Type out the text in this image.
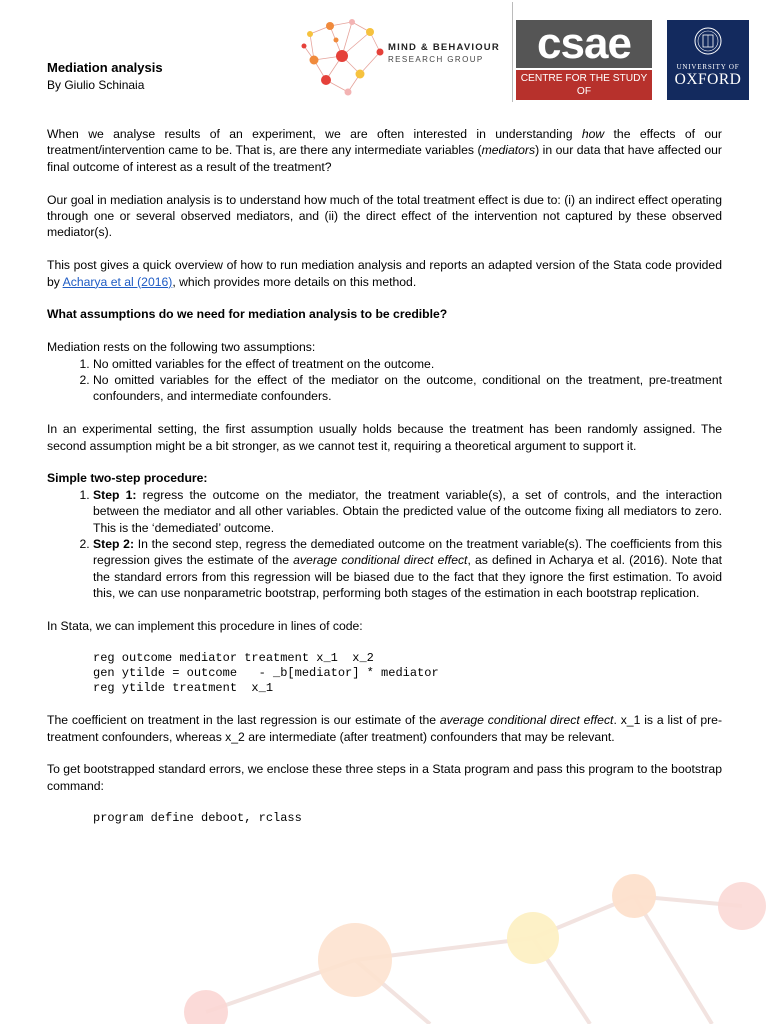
MIND & BEHAVIOUR
RESEARCH GROUP	csae
CENTRE FOR THE STUDY OF
AFRICAN ECONOMIES
UNIVERSITY OF
OXFORD
Mediation analysis
By Giulio Schinaia

When we analyse results of an experiment, we are often interested in understanding how the effects of our treatment/intervention came to be. That is, are there any intermediate variables (mediators) in our data that have affected our final outcome of interest as a result of the treatment?

Our goal in mediation analysis is to understand how much of the total treatment effect is due to: (i) an indirect effect operating through one or several observed mediators, and (ii) the direct effect of the intervention not captured by these observed mediator(s).

This post gives a quick overview of how to run mediation analysis and reports an adapted version of the Stata code provided by Acharya et al (2016), which provides more details on this method.

What assumptions do we need for mediation analysis to be credible?

Mediation rests on the following two assumptions:

1. No omitted variables for the effect of treatment on the outcome.
2. No omitted variables for the effect of the mediator on the outcome, conditional on the treatment, pre-treatment confounders, and intermediate confounders.

In an experimental setting, the first assumption usually holds because the treatment has been randomly assigned. The second assumption might be a bit stronger, as we cannot test it, requiring a theoretical argument to support it.

Simple two-step procedure:

1. Step 1: regress the outcome on the mediator, the treatment variable(s), a set of controls, and the interaction between the mediator and all other variables. Obtain the predicted value of the outcome fixing all mediators to zero. This is the ‘demediated’ outcome.
2. Step 2: In the second step, regress the demediated outcome on the treatment variable(s). The coefficients from this regression gives the estimate of the average conditional direct effect, as defined in Acharya et al. (2016). Note that the standard errors from this regression will be biased due to the fact that they ignore the first estimation. To avoid this, we can use nonparametric bootstrap, performing both stages of the estimation in each bootstrap replication.

In Stata, we can implement this procedure in lines of code:

reg outcome mediator treatment x_1  x_2
gen ytilde = outcome   - _b[mediator] * mediator
reg ytilde treatment  x_1

The coefficient on treatment in the last regression is our estimate of the average conditional direct effect. x_1 is a list of pre-treatment confounders, whereas x_2 are intermediate (after treatment) confounders that may be relevant.

To get bootstrapped standard errors, we enclose these three steps in a Stata program and pass this program to the bootstrap command:

program define deboot, rclass
